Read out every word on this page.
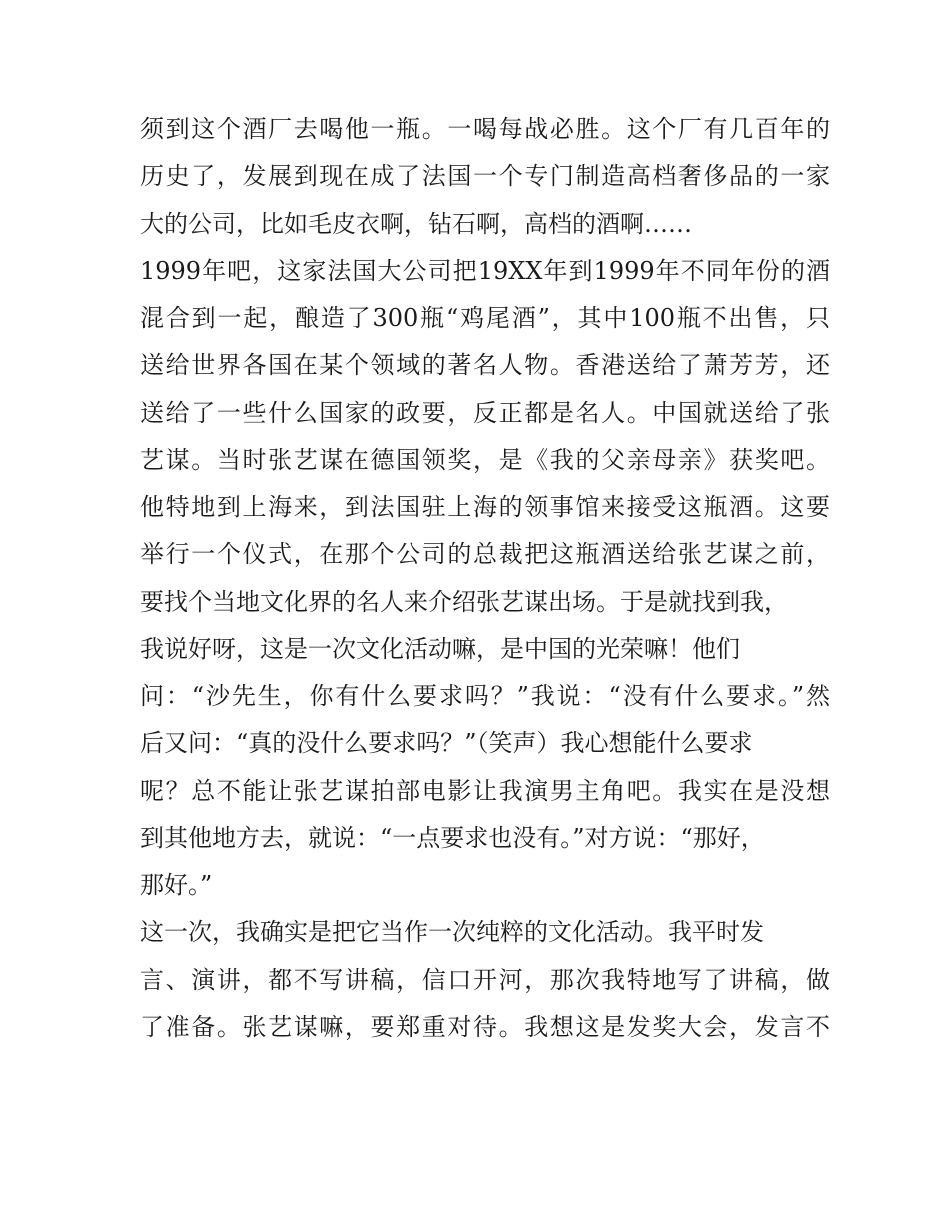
须到这个酒厂去喝他一瓶。一喝每战必胜。这个厂有几百年的
历史了，发展到现在成了法国一个专门制造高档奢侈品的一家
大的公司，比如毛皮衣啊，钻石啊，高档的酒啊……
1999年吧，这家法国大公司把19XX年到1999年不同年份的酒
混合到一起，酿造了300瓶“鸡尾酒”，其中100瓶不出售，只
送给世界各国在某个领域的著名人物。香港送给了萧芳芳，还
送给了一些什么国家的政要，反正都是名人。中国就送给了张
艺谋。当时张艺谋在德国领奖，是《我的父亲母亲》获奖吧。
他特地到上海来，到法国驻上海的领事馆来接受这瓶酒。这要
举行一个仪式，在那个公司的总裁把这瓶酒送给张艺谋之前，
要找个当地文化界的名人来介绍张艺谋出场。于是就找到我，
我说好呀，这是一次文化活动嘛，是中国的光荣嘛！他们
问：“沙先生，你有什么要求吗？”我说：“没有什么要求。”然
后又问：“真的没什么要求吗？”（笑声）我心想能什么要求
呢？总不能让张艺谋拍部电影让我演男主角吧。我实在是没想
到其他地方去，就说：“一点要求也没有。”对方说：“那好，
那好。”
这一次，我确实是把它当作一次纯粹的文化活动。我平时发
言、演讲，都不写讲稿，信口开河，那次我特地写了讲稿，做
了准备。张艺谋嘛，要郑重对待。我想这是发奖大会，发言不
